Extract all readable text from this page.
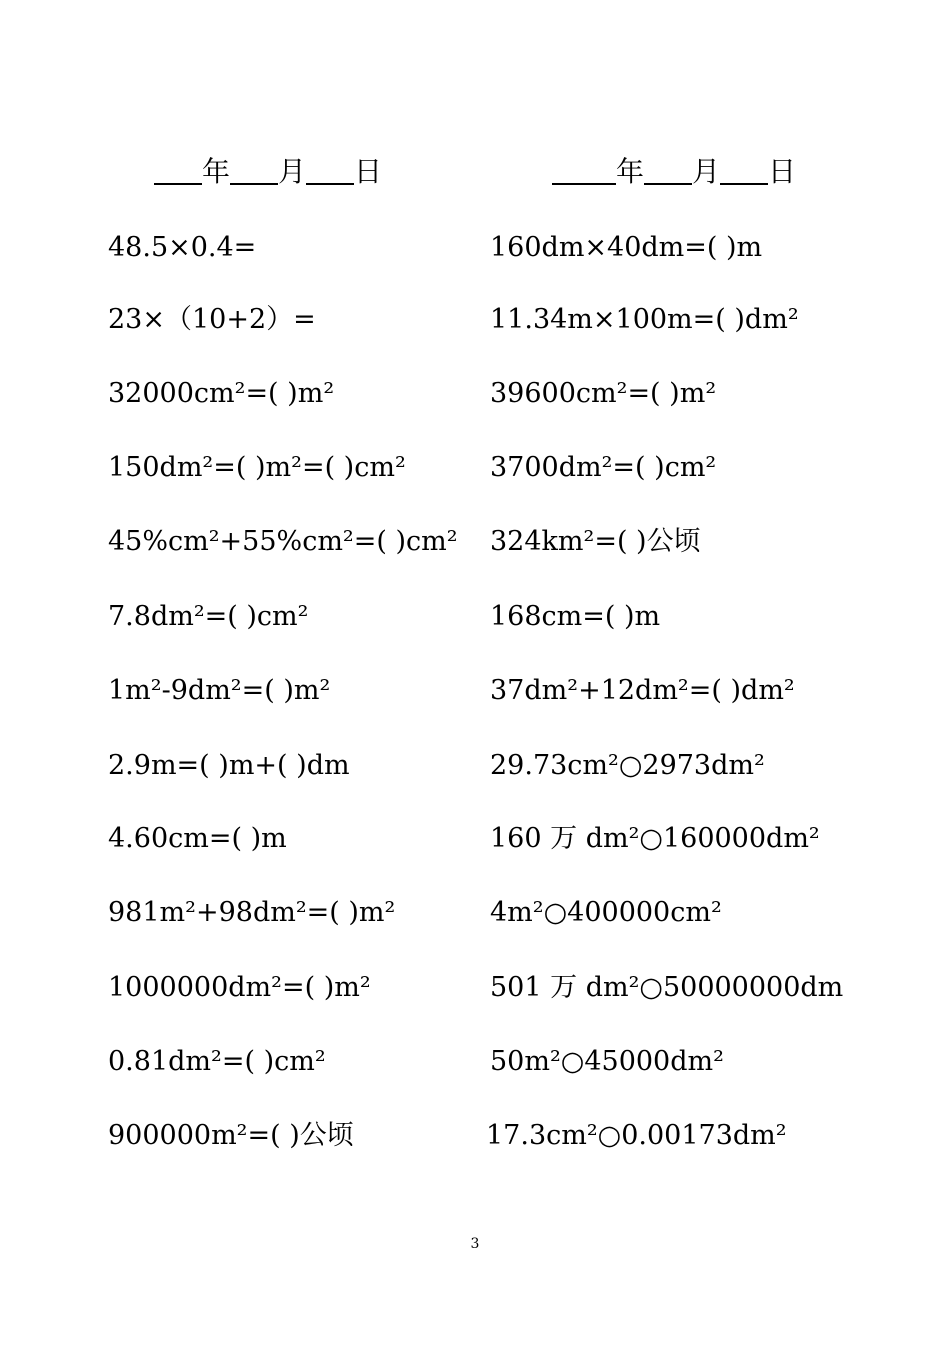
年 月 日
48.5×0.4=
23×（10+2）=
32000cm²=( )m²
150dm²=( )m²=( )cm²
45%cm²+55%cm²=( )cm²
7.8dm²=( )cm²
1m²-9dm²=( )m²
2.9m=( )m+( )dm
4.60cm=( )m
981m²+98dm²=( )m²
1000000dm²=( )m²
0.81dm²=( )cm²
900000m²=( )公顷
年 月 日
160dm×40dm=( )m
11.34m×100m=( )dm²
39600cm²=( )m²
3700dm²=( )cm²
324km²=( )公顷
168cm=( )m
37dm²+12dm²=( )dm²
29.73cm²○2973dm²
160 万 dm²○160000dm²
4m²○400000cm²
501 万 dm²○50000000dm
50m²○45000dm²
17.3cm²○0.00173dm²
3
